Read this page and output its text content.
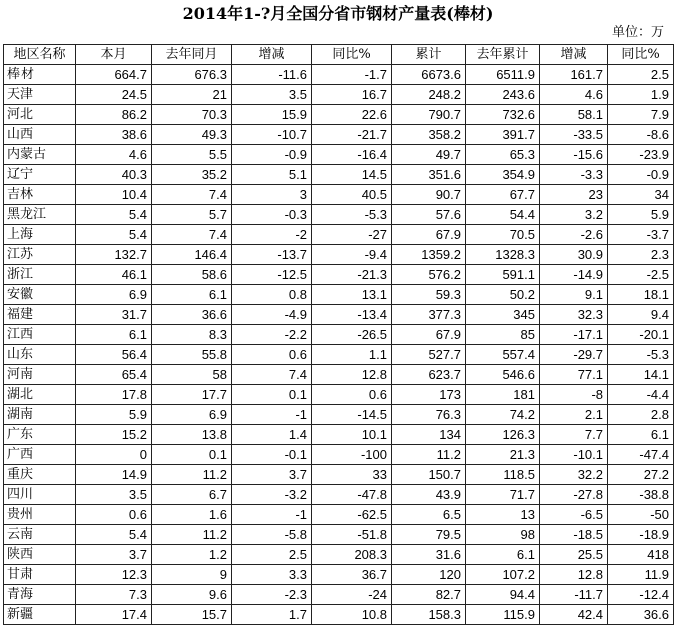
2014年1-?月全国分省市钢材产量表(棒材)
单位：万
地区名称	本月	去年同月	增减	同比%	累计	去年累计	增减	同比%
棒材	664.7	676.3	-11.6	-1.7	6673.6	6511.9	161.7	2.5
天津	24.5	21	3.5	16.7	248.2	243.6	4.6	1.9
河北	86.2	70.3	15.9	22.6	790.7	732.6	58.1	7.9
山西	38.6	49.3	-10.7	-21.7	358.2	391.7	-33.5	-8.6
内蒙古	4.6	5.5	-0.9	-16.4	49.7	65.3	-15.6	-23.9
辽宁	40.3	35.2	5.1	14.5	351.6	354.9	-3.3	-0.9
吉林	10.4	7.4	3	40.5	90.7	67.7	23	34
黑龙江	5.4	5.7	-0.3	-5.3	57.6	54.4	3.2	5.9
上海	5.4	7.4	-2	-27	67.9	70.5	-2.6	-3.7
江苏	132.7	146.4	-13.7	-9.4	1359.2	1328.3	30.9	2.3
浙江	46.1	58.6	-12.5	-21.3	576.2	591.1	-14.9	-2.5
安徽	6.9	6.1	0.8	13.1	59.3	50.2	9.1	18.1
福建	31.7	36.6	-4.9	-13.4	377.3	345	32.3	9.4
江西	6.1	8.3	-2.2	-26.5	67.9	85	-17.1	-20.1
山东	56.4	55.8	0.6	1.1	527.7	557.4	-29.7	-5.3
河南	65.4	58	7.4	12.8	623.7	546.6	77.1	14.1
湖北	17.8	17.7	0.1	0.6	173	181	-8	-4.4
湖南	5.9	6.9	-1	-14.5	76.3	74.2	2.1	2.8
广东	15.2	13.8	1.4	10.1	134	126.3	7.7	6.1
广西	0	0.1	-0.1	-100	11.2	21.3	-10.1	-47.4
重庆	14.9	11.2	3.7	33	150.7	118.5	32.2	27.2
四川	3.5	6.7	-3.2	-47.8	43.9	71.7	-27.8	-38.8
贵州	0.6	1.6	-1	-62.5	6.5	13	-6.5	-50
云南	5.4	11.2	-5.8	-51.8	79.5	98	-18.5	-18.9
陕西	3.7	1.2	2.5	208.3	31.6	6.1	25.5	418
甘肃	12.3	9	3.3	36.7	120	107.2	12.8	11.9
青海	7.3	9.6	-2.3	-24	82.7	94.4	-11.7	-12.4
新疆	17.4	15.7	1.7	10.8	158.3	115.9	42.4	36.6
